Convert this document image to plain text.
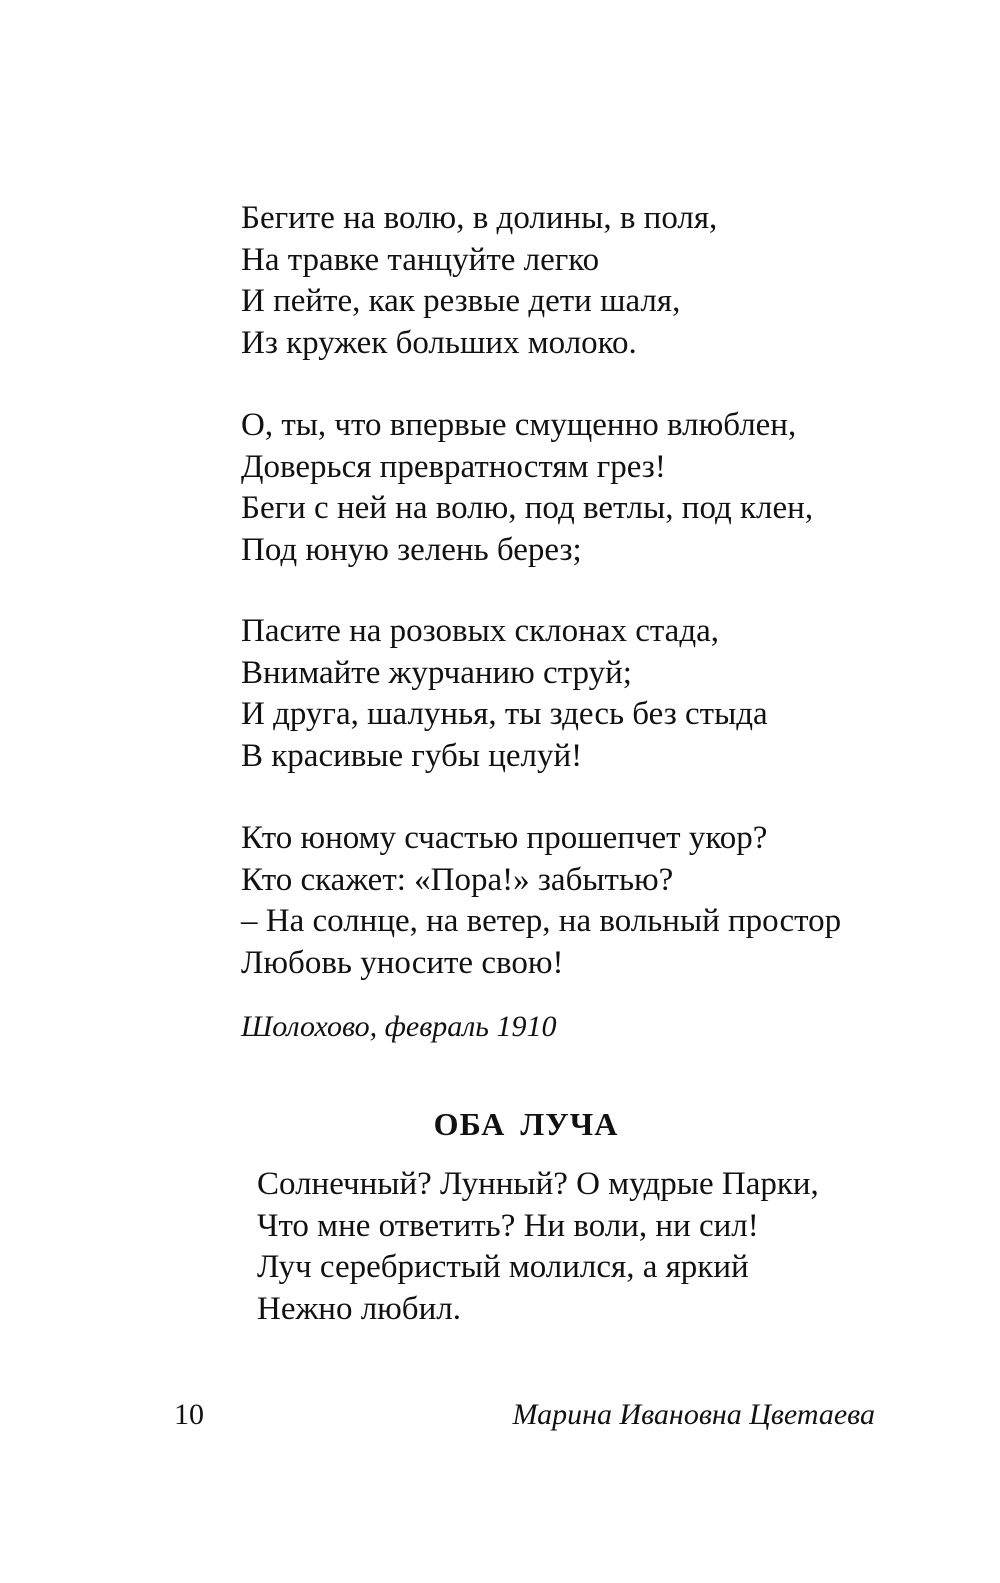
Бегите на волю, в долины, в поля,
На травке танцуйте легко
И пейте, как резвые дети шаля,
Из кружек больших молоко.
О, ты, что впервые смущенно влюблен,
Доверься превратностям грез!
Беги с ней на волю, под ветлы, под клен,
Под юную зелень берез;
Пасите на розовых склонах стада,
Внимайте журчанию струй;
И друга, шалунья, ты здесь без стыда
В красивые губы целуй!
Кто юному счастью прошепчет укор?
Кто скажет: «Пора!» забытью?
– На солнце, на ветер, на вольный простор
Любовь уносите свою!
Шолохово, февраль 1910
ОБА ЛУЧА
Солнечный? Лунный? О мудрые Парки,
Что мне ответить? Ни воли, ни сил!
Луч серебристый молился, а яркий
Нежно любил.
10	Марина Ивановна Цветаева
